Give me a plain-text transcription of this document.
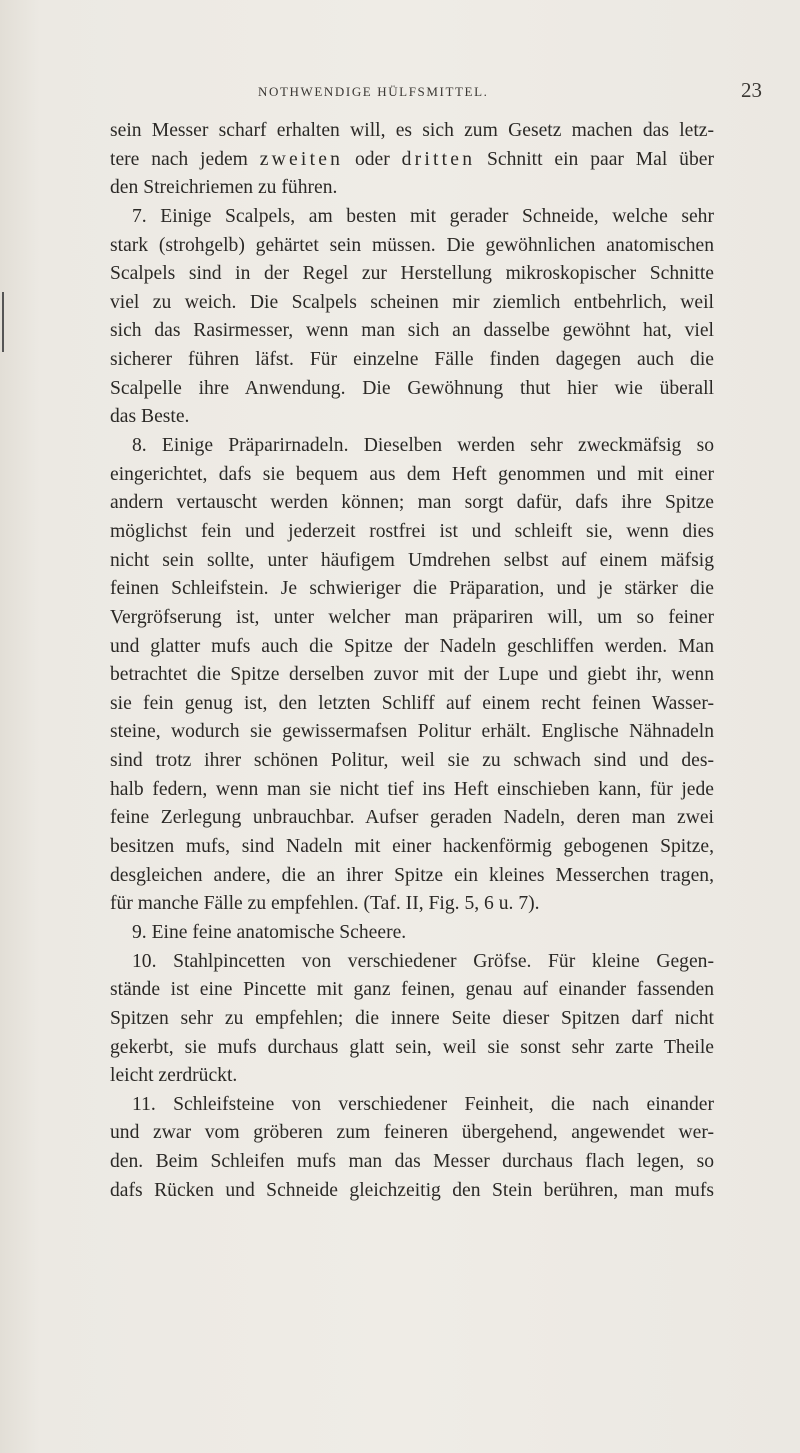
NOTHWENDIGE HÜLFSMITTEL.	23
sein Messer scharf erhalten will, es sich zum Gesetz machen das letz-
tere nach jedem zweiten oder dritten Schnitt ein paar Mal über
den Streichriemen zu führen.
7. Einige Scalpels, am besten mit gerader Schneide, welche sehr
stark (strohgelb) gehärtet sein müssen. Die gewöhnlichen anatomischen
Scalpels sind in der Regel zur Herstellung mikroskopischer Schnitte
viel zu weich. Die Scalpels scheinen mir ziemlich entbehrlich, weil
sich das Rasirmesser, wenn man sich an dasselbe gewöhnt hat, viel
sicherer führen läfst. Für einzelne Fälle finden dagegen auch die
Scalpelle ihre Anwendung. Die Gewöhnung thut hier wie überall
das Beste.
8. Einige Präparirnadeln. Dieselben werden sehr zweckmäfsig so
eingerichtet, dafs sie bequem aus dem Heft genommen und mit einer
andern vertauscht werden können; man sorgt dafür, dafs ihre Spitze
möglichst fein und jederzeit rostfrei ist und schleift sie, wenn dies
nicht sein sollte, unter häufigem Umdrehen selbst auf einem mäfsig
feinen Schleifstein. Je schwieriger die Präparation, und je stärker die
Vergröfserung ist, unter welcher man präpariren will, um so feiner
und glatter mufs auch die Spitze der Nadeln geschliffen werden. Man
betrachtet die Spitze derselben zuvor mit der Lupe und giebt ihr, wenn
sie fein genug ist, den letzten Schliff auf einem recht feinen Wasser-
steine, wodurch sie gewissermafsen Politur erhält. Englische Nähnadeln
sind trotz ihrer schönen Politur, weil sie zu schwach sind und des-
halb federn, wenn man sie nicht tief ins Heft einschieben kann, für jede
feine Zerlegung unbrauchbar. Aufser geraden Nadeln, deren man zwei
besitzen mufs, sind Nadeln mit einer hackenförmig gebogenen Spitze,
desgleichen andere, die an ihrer Spitze ein kleines Messerchen tragen,
für manche Fälle zu empfehlen. (Taf. II, Fig. 5, 6 u. 7).
9. Eine feine anatomische Scheere.
10. Stahlpincetten von verschiedener Gröfse. Für kleine Gegen-
stände ist eine Pincette mit ganz feinen, genau auf einander fassenden
Spitzen sehr zu empfehlen; die innere Seite dieser Spitzen darf nicht
gekerbt, sie mufs durchaus glatt sein, weil sie sonst sehr zarte Theile
leicht zerdrückt.
11. Schleifsteine von verschiedener Feinheit, die nach einander
und zwar vom gröberen zum feineren übergehend, angewendet wer-
den. Beim Schleifen mufs man das Messer durchaus flach legen, so
dafs Rücken und Schneide gleichzeitig den Stein berühren, man mufs
